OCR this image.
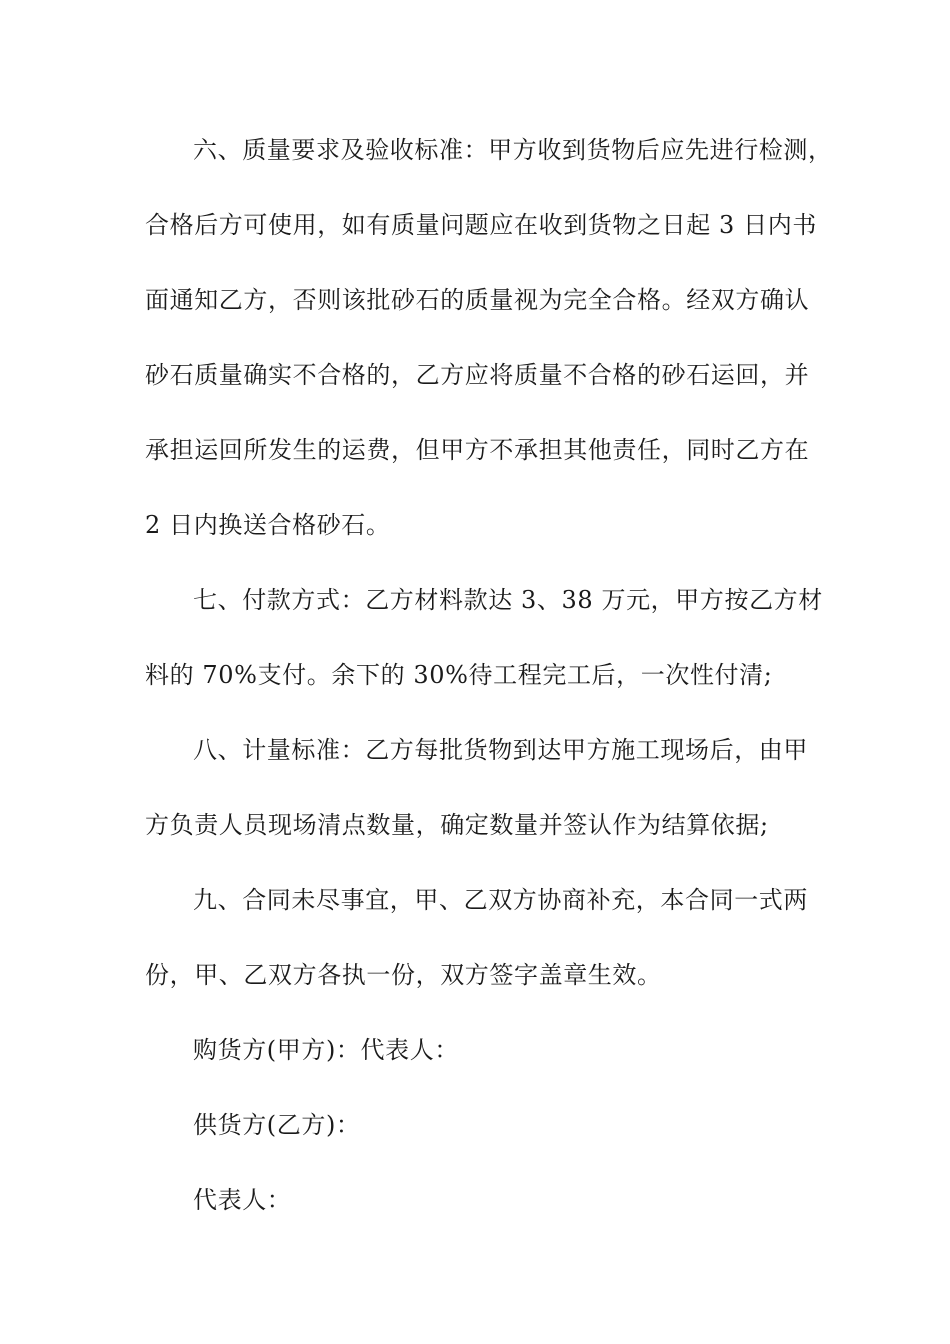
六、质量要求及验收标准：甲方收到货物后应先进行检测，
合格后方可使用，如有质量问题应在收到货物之日起 3 日内书
面通知乙方，否则该批砂石的质量视为完全合格。经双方确认
砂石质量确实不合格的，乙方应将质量不合格的砂石运回，并
承担运回所发生的运费，但甲方不承担其他责任，同时乙方在
2 日内换送合格砂石。
七、付款方式：乙方材料款达 3、38 万元，甲方按乙方材
料的 70%支付。余下的 30%待工程完工后，一次性付清;
八、计量标准：乙方每批货物到达甲方施工现场后，由甲
方负责人员现场清点数量，确定数量并签认作为结算依据;
九、合同未尽事宜，甲、乙双方协商补充，本合同一式两
份，甲、乙双方各执一份，双方签字盖章生效。
购货方(甲方)：代表人：
供货方(乙方)：
代表人：
